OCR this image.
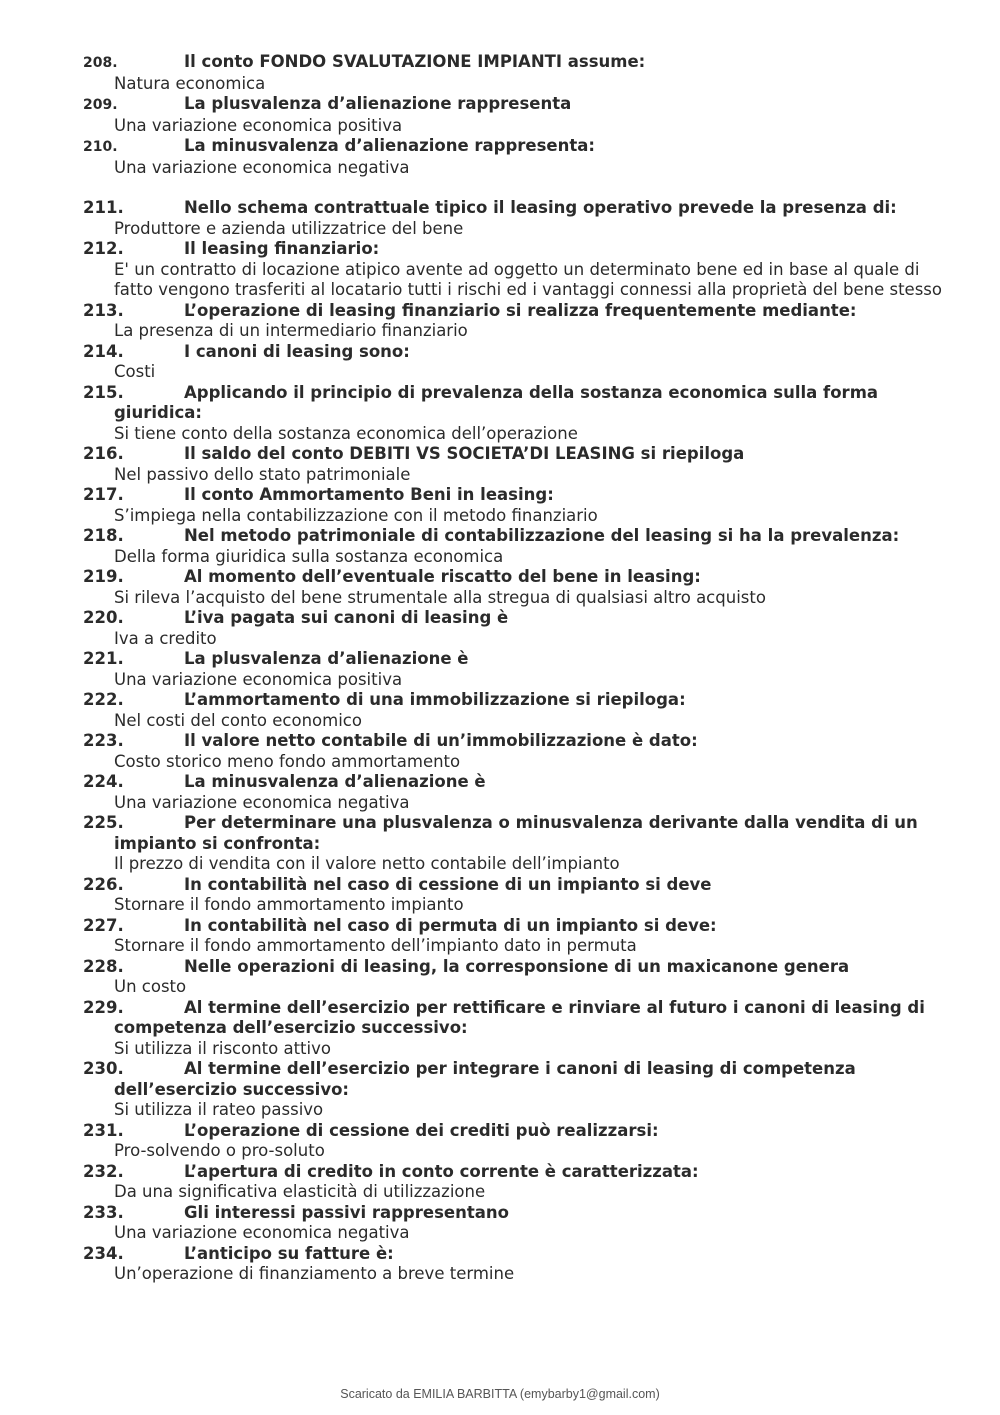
208.	Il conto FONDO SVALUTAZIONE IMPIANTI assume:
Natura economica
209.	La plusvalenza d’alienazione rappresenta
Una variazione economica positiva
210.	La minusvalenza d’alienazione rappresenta:
Una variazione economica negativa
211.	Nello schema contrattuale tipico il leasing operativo prevede la presenza di:
Produttore e azienda utilizzatrice del bene
212.	Il leasing finanziario:
E' un contratto di locazione atipico avente ad oggetto un determinato bene ed in base al quale di fatto vengono trasferiti al locatario tutti i rischi ed i vantaggi connessi alla proprietà del bene stesso
213.	L’operazione di leasing finanziario si realizza frequentemente mediante:
La presenza di un intermediario finanziario
214.	I canoni di leasing sono:
Costi
215.	Applicando il principio di prevalenza della sostanza economica sulla forma giuridica:
Si tiene conto della sostanza economica dell’operazione
216.	Il saldo del conto DEBITI VS SOCIETA’DI LEASING si riepiloga
Nel passivo dello stato patrimoniale
217.	Il conto Ammortamento Beni in leasing:
S’impiega nella contabilizzazione con il metodo finanziario
218.	Nel metodo patrimoniale di contabilizzazione del leasing si ha la prevalenza:
Della forma giuridica sulla sostanza economica
219.	Al momento dell’eventuale riscatto del bene in leasing:
Si rileva l’acquisto del bene strumentale alla stregua di qualsiasi altro acquisto
220.	L’iva pagata sui canoni di leasing è
Iva a credito
221.	La plusvalenza d’alienazione è
Una variazione economica positiva
222.	L’ammortamento di una immobilizzazione si riepiloga:
Nel costi del conto economico
223.	Il valore netto contabile di un’immobilizzazione è dato:
Costo storico meno fondo ammortamento
224.	La minusvalenza d’alienazione è
Una variazione economica negativa
225.	Per determinare una plusvalenza o minusvalenza derivante dalla vendita di un impianto si confronta:
Il prezzo di vendita con il valore netto contabile dell’impianto
226.	In contabilità nel caso di cessione di un impianto si deve
Stornare il fondo ammortamento impianto
227.	In contabilità nel caso di permuta di un impianto si deve:
Stornare il fondo ammortamento dell’impianto dato in permuta
228.	Nelle operazioni di leasing, la corresponsione di un maxicanone genera
Un costo
229.	Al termine dell’esercizio per rettificare e rinviare al futuro i canoni di leasing di competenza dell’esercizio successivo:
Si utilizza il risconto attivo
230.	Al termine dell’esercizio per integrare i canoni di leasing di competenza dell’esercizio successivo:
Si utilizza il rateo passivo
231.	L’operazione di cessione dei crediti può realizzarsi:
Pro-solvendo o pro-soluto
232.	L’apertura di credito in conto corrente è caratterizzata:
Da una significativa elasticità di utilizzazione
233.	Gli interessi passivi rappresentano
Una variazione economica negativa
234.	L’anticipo su fatture è:
Un’operazione di finanziamento a breve termine
Scaricato da EMILIA BARBITTA (emybarby1@gmail.com)
